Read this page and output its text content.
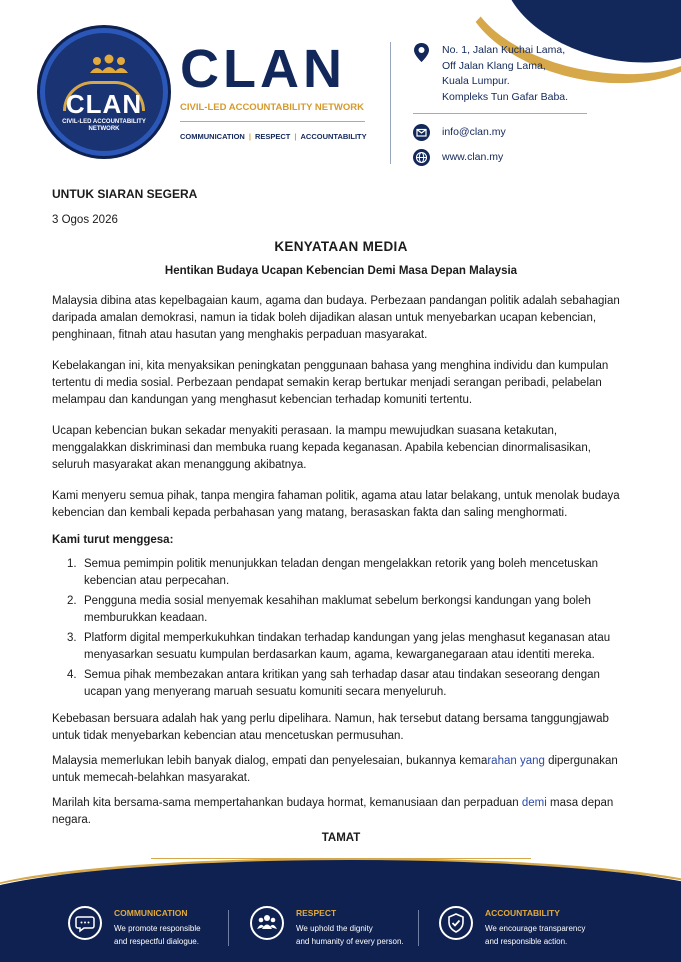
CLAN
CIVIL-LED ACCOUNTABILITY
NETWORK
CLAN
CIVIL-LED ACCOUNTABILITY NETWORK
COMMUNICATION | RESPECT | ACCOUNTABILITY
No. 1, Jalan Kuchai Lama,
Off Jalan Klang Lama,
Kuala Lumpur.
Kompleks Tun Gafar Baba.
info@clan.my
www.clan.my
UNTUK SIARAN SEGERA
3 Ogos 2026
KENYATAAN MEDIA
Hentikan Budaya Ucapan Kebencian Demi Masa Depan Malaysia

Malaysia dibina atas kepelbagaian kaum, agama dan budaya. Perbezaan pandangan politik adalah sebahagian daripada amalan demokrasi, namun ia tidak boleh dijadikan alasan untuk menyebarkan ucapan kebencian, penghinaan, fitnah atau hasutan yang menghakis perpaduan masyarakat.

Kebelakangan ini, kita menyaksikan peningkatan penggunaan bahasa yang menghina individu dan kumpulan tertentu di media sosial. Perbezaan pendapat semakin kerap bertukar menjadi serangan peribadi, pelabelan melampau dan kandungan yang menghasut kebencian terhadap komuniti tertentu.

Ucapan kebencian bukan sekadar menyakiti perasaan. Ia mampu mewujudkan suasana ketakutan, menggalakkan diskriminasi dan membuka ruang kepada keganasan. Apabila kebencian dinormalisasikan, seluruh masyarakat akan menanggung akibatnya.

Kami menyeru semua pihak, tanpa mengira fahaman politik, agama atau latar belakang, untuk menolak budaya kebencian dan kembali kepada perbahasan yang matang, berasaskan fakta dan saling menghormati.

Kami turut menggesa:
1. Semua pemimpin politik menunjukkan teladan dengan mengelakkan retorik yang boleh mencetuskan kebencian atau perpecahan.
2. Pengguna media sosial menyemak kesahihan maklumat sebelum berkongsi kandungan yang boleh memburukkan keadaan.
3. Platform digital memperkukuhkan tindakan terhadap kandungan yang jelas menghasut keganasan atau menyasarkan sesuatu kumpulan berdasarkan kaum, agama, kewarganegaraan atau identiti mereka.
4. Semua pihak membezakan antara kritikan yang sah terhadap dasar atau tindakan seseorang dengan ucapan yang menyerang maruah sesuatu komuniti secara menyeluruh.

Kebebasan bersuara adalah hak yang perlu dipelihara. Namun, hak tersebut datang bersama tanggungjawab untuk tidak menyebarkan kebencian atau mencetuskan permusuhan.

Malaysia memerlukan lebih banyak dialog, empati dan penyelesaian, bukannya kemarahan yang dipergunakan untuk memecah-belahkan masyarakat.

Marilah kita bersama-sama mempertahankan budaya hormat, kemanusiaan dan perpaduan demi masa depan negara.

TAMAT
COMMUNICATION
We promote responsible
and respectful dialogue.
RESPECT
We uphold the dignity
and humanity of every person.
ACCOUNTABILITY
We encourage transparency
and responsible action.
